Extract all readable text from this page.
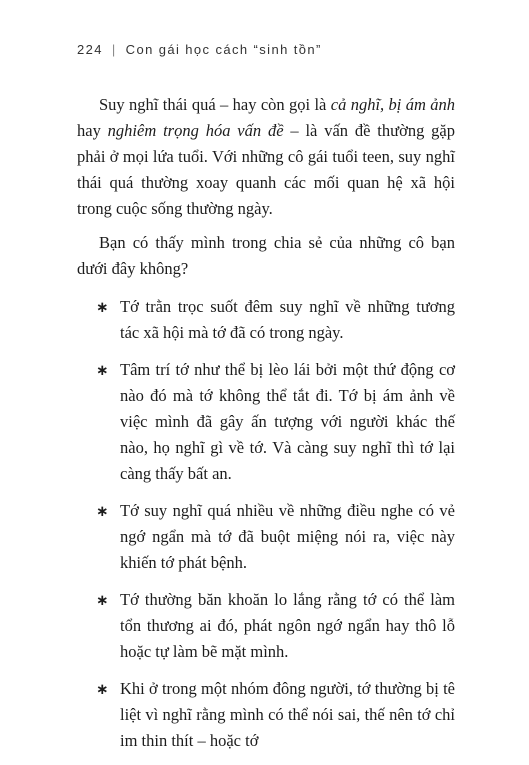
224 | Con gái học cách “sinh tồn”

Suy nghĩ thái quá – hay còn gọi là cả nghĩ, bị ám ảnh hay nghiêm trọng hóa vấn đề – là vấn đề thường gặp phải ở mọi lứa tuổi. Với những cô gái tuổi teen, suy nghĩ thái quá thường xoay quanh các mối quan hệ xã hội trong cuộc sống thường ngày.

Bạn có thấy mình trong chia sẻ của những cô bạn dưới đây không?

∗ Tớ trằn trọc suốt đêm suy nghĩ về những tương tác xã hội mà tớ đã có trong ngày.
∗ Tâm trí tớ như thể bị lèo lái bởi một thứ động cơ nào đó mà tớ không thể tắt đi. Tớ bị ám ảnh về việc mình đã gây ấn tượng với người khác thế nào, họ nghĩ gì về tớ. Và càng suy nghĩ thì tớ lại càng thấy bất an.
∗ Tớ suy nghĩ quá nhiều về những điều nghe có vẻ ngớ ngẩn mà tớ đã buột miệng nói ra, việc này khiến tớ phát bệnh.
∗ Tớ thường băn khoăn lo lắng rằng tớ có thể làm tổn thương ai đó, phát ngôn ngớ ngẩn hay thô lỗ hoặc tự làm bẽ mặt mình.
∗ Khi ở trong một nhóm đông người, tớ thường bị tê liệt vì nghĩ rằng mình có thể nói sai, thế nên tớ chỉ im thin thít – hoặc tớ
